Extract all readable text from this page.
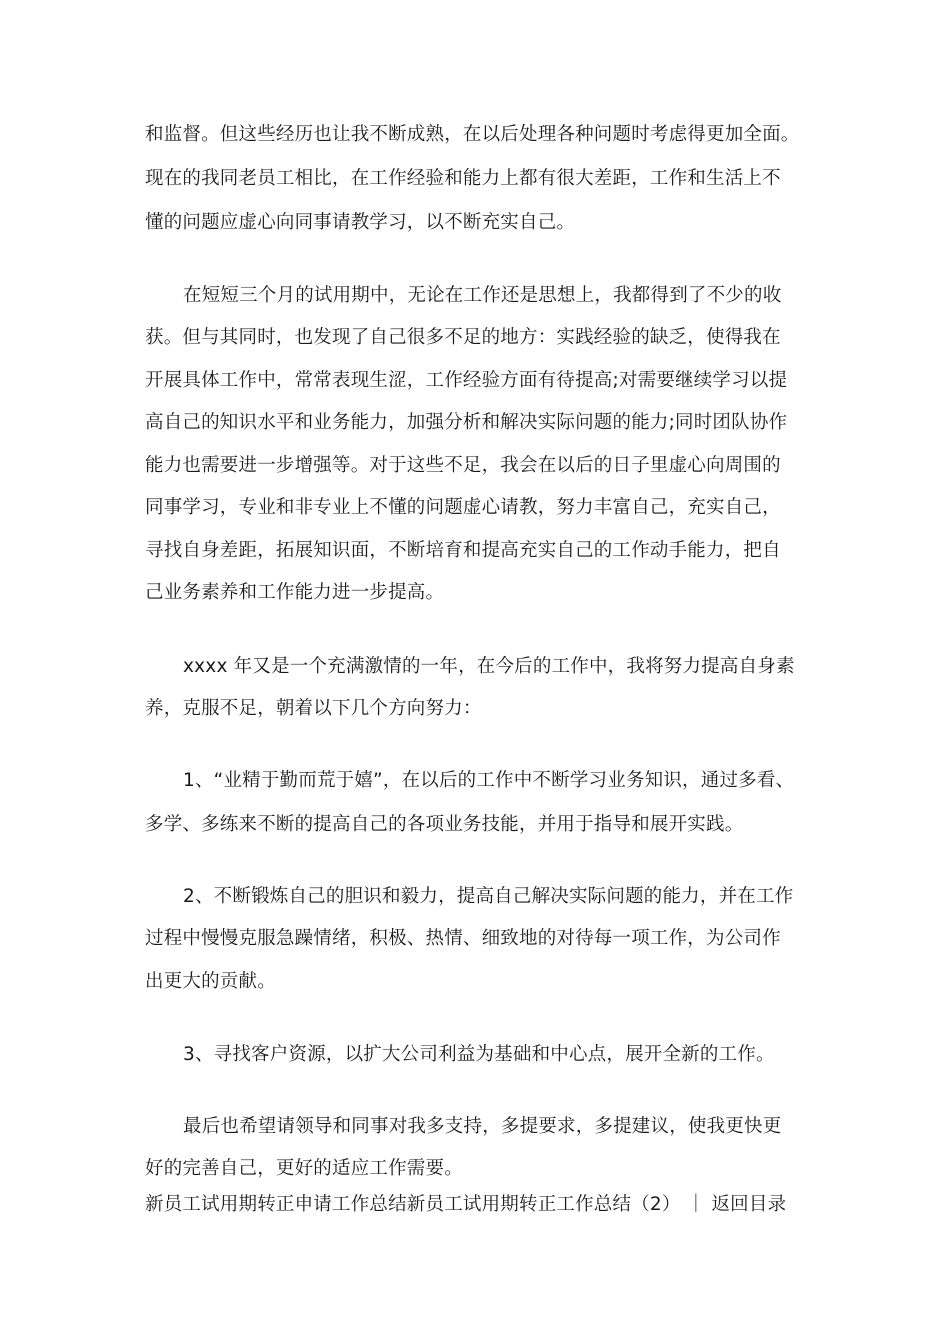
和监督。但这些经历也让我不断成熟，在以后处理各种问题时考虑得更加全面。
现在的我同老员工相比，在工作经验和能力上都有很大差距，工作和生活上不
懂的问题应虚心向同事请教学习，以不断充实自己。
在短短三个月的试用期中，无论在工作还是思想上，我都得到了不少的收
获。但与其同时，也发现了自己很多不足的地方：实践经验的缺乏，使得我在
开展具体工作中，常常表现生涩，工作经验方面有待提高;对需要继续学习以提
高自己的知识水平和业务能力，加强分析和解决实际问题的能力;同时团队协作
能力也需要进一步增强等。对于这些不足，我会在以后的日子里虚心向周围的
同事学习，专业和非专业上不懂的问题虚心请教，努力丰富自己，充实自己，
寻找自身差距，拓展知识面，不断培育和提高充实自己的工作动手能力，把自
己业务素养和工作能力进一步提高。
xxxx 年又是一个充满激情的一年，在今后的工作中，我将努力提高自身素
养，克服不足，朝着以下几个方向努力：
1、“业精于勤而荒于嬉”，在以后的工作中不断学习业务知识，通过多看、
多学、多练来不断的提高自己的各项业务技能，并用于指导和展开实践。
2、不断锻炼自己的胆识和毅力，提高自己解决实际问题的能力，并在工作
过程中慢慢克服急躁情绪，积极、热情、细致地的对待每一项工作，为公司作
出更大的贡献。
3、寻找客户资源，以扩大公司利益为基础和中心点，展开全新的工作。
最后也希望请领导和同事对我多支持，多提要求，多提建议，使我更快更
好的完善自己，更好的适应工作需要。
新员工试用期转正申请工作总结新员工试用期转正工作总结（2） ｜ 返回目录
